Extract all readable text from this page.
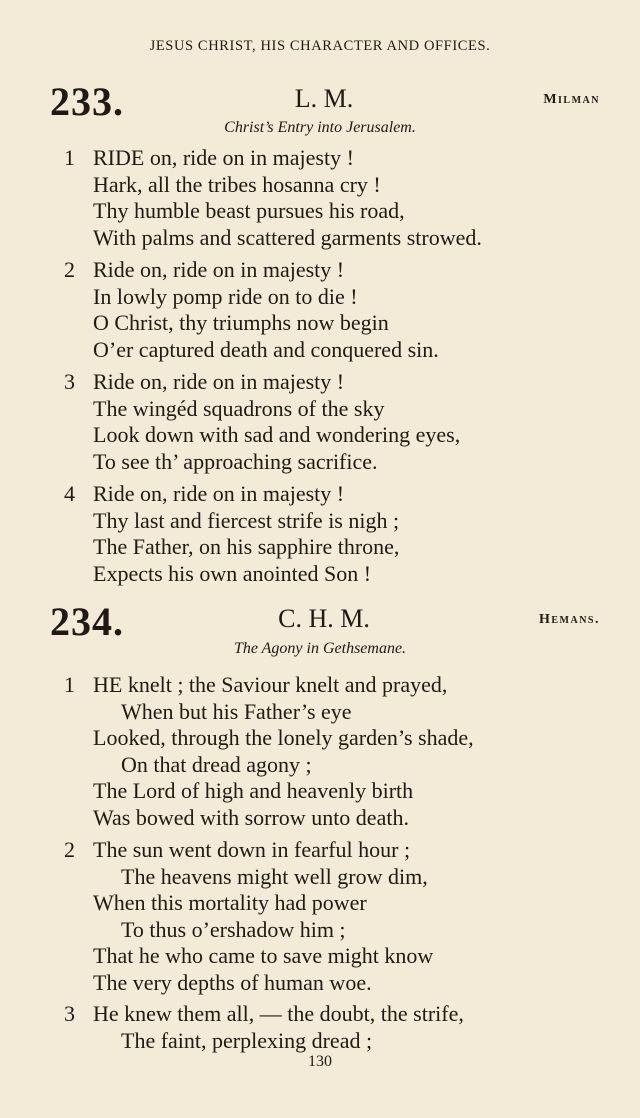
JESUS CHRIST, HIS CHARACTER AND OFFICES.
233.	L. M.	Milman
Christ’s Entry into Jerusalem.
1 RIDE on, ride on in majesty !
Hark, all the tribes hosanna cry !
Thy humble beast pursues his road,
With palms and scattered garments strowed.
2 Ride on, ride on in majesty !
In lowly pomp ride on to die !
O Christ, thy triumphs now begin
O’er captured death and conquered sin.
3 Ride on, ride on in majesty !
The wingéd squadrons of the sky
Look down with sad and wondering eyes,
To see th’ approaching sacrifice.
4 Ride on, ride on in majesty !
Thy last and fiercest strife is nigh ;
The Father, on his sapphire throne,
Expects his own anointed Son !
234.	C. H. M.	Hemans.
The Agony in Gethsemane.
1 HE knelt ; the Saviour knelt and prayed,
When but his Father’s eye
Looked, through the lonely garden’s shade,
On that dread agony ;
The Lord of high and heavenly birth
Was bowed with sorrow unto death.
2 The sun went down in fearful hour ;
The heavens might well grow dim,
When this mortality had power
To thus o’ershadow him ;
That he who came to save might know
The very depths of human woe.
3 He knew them all, — the doubt, the strife,
The faint, perplexing dread ;
130
